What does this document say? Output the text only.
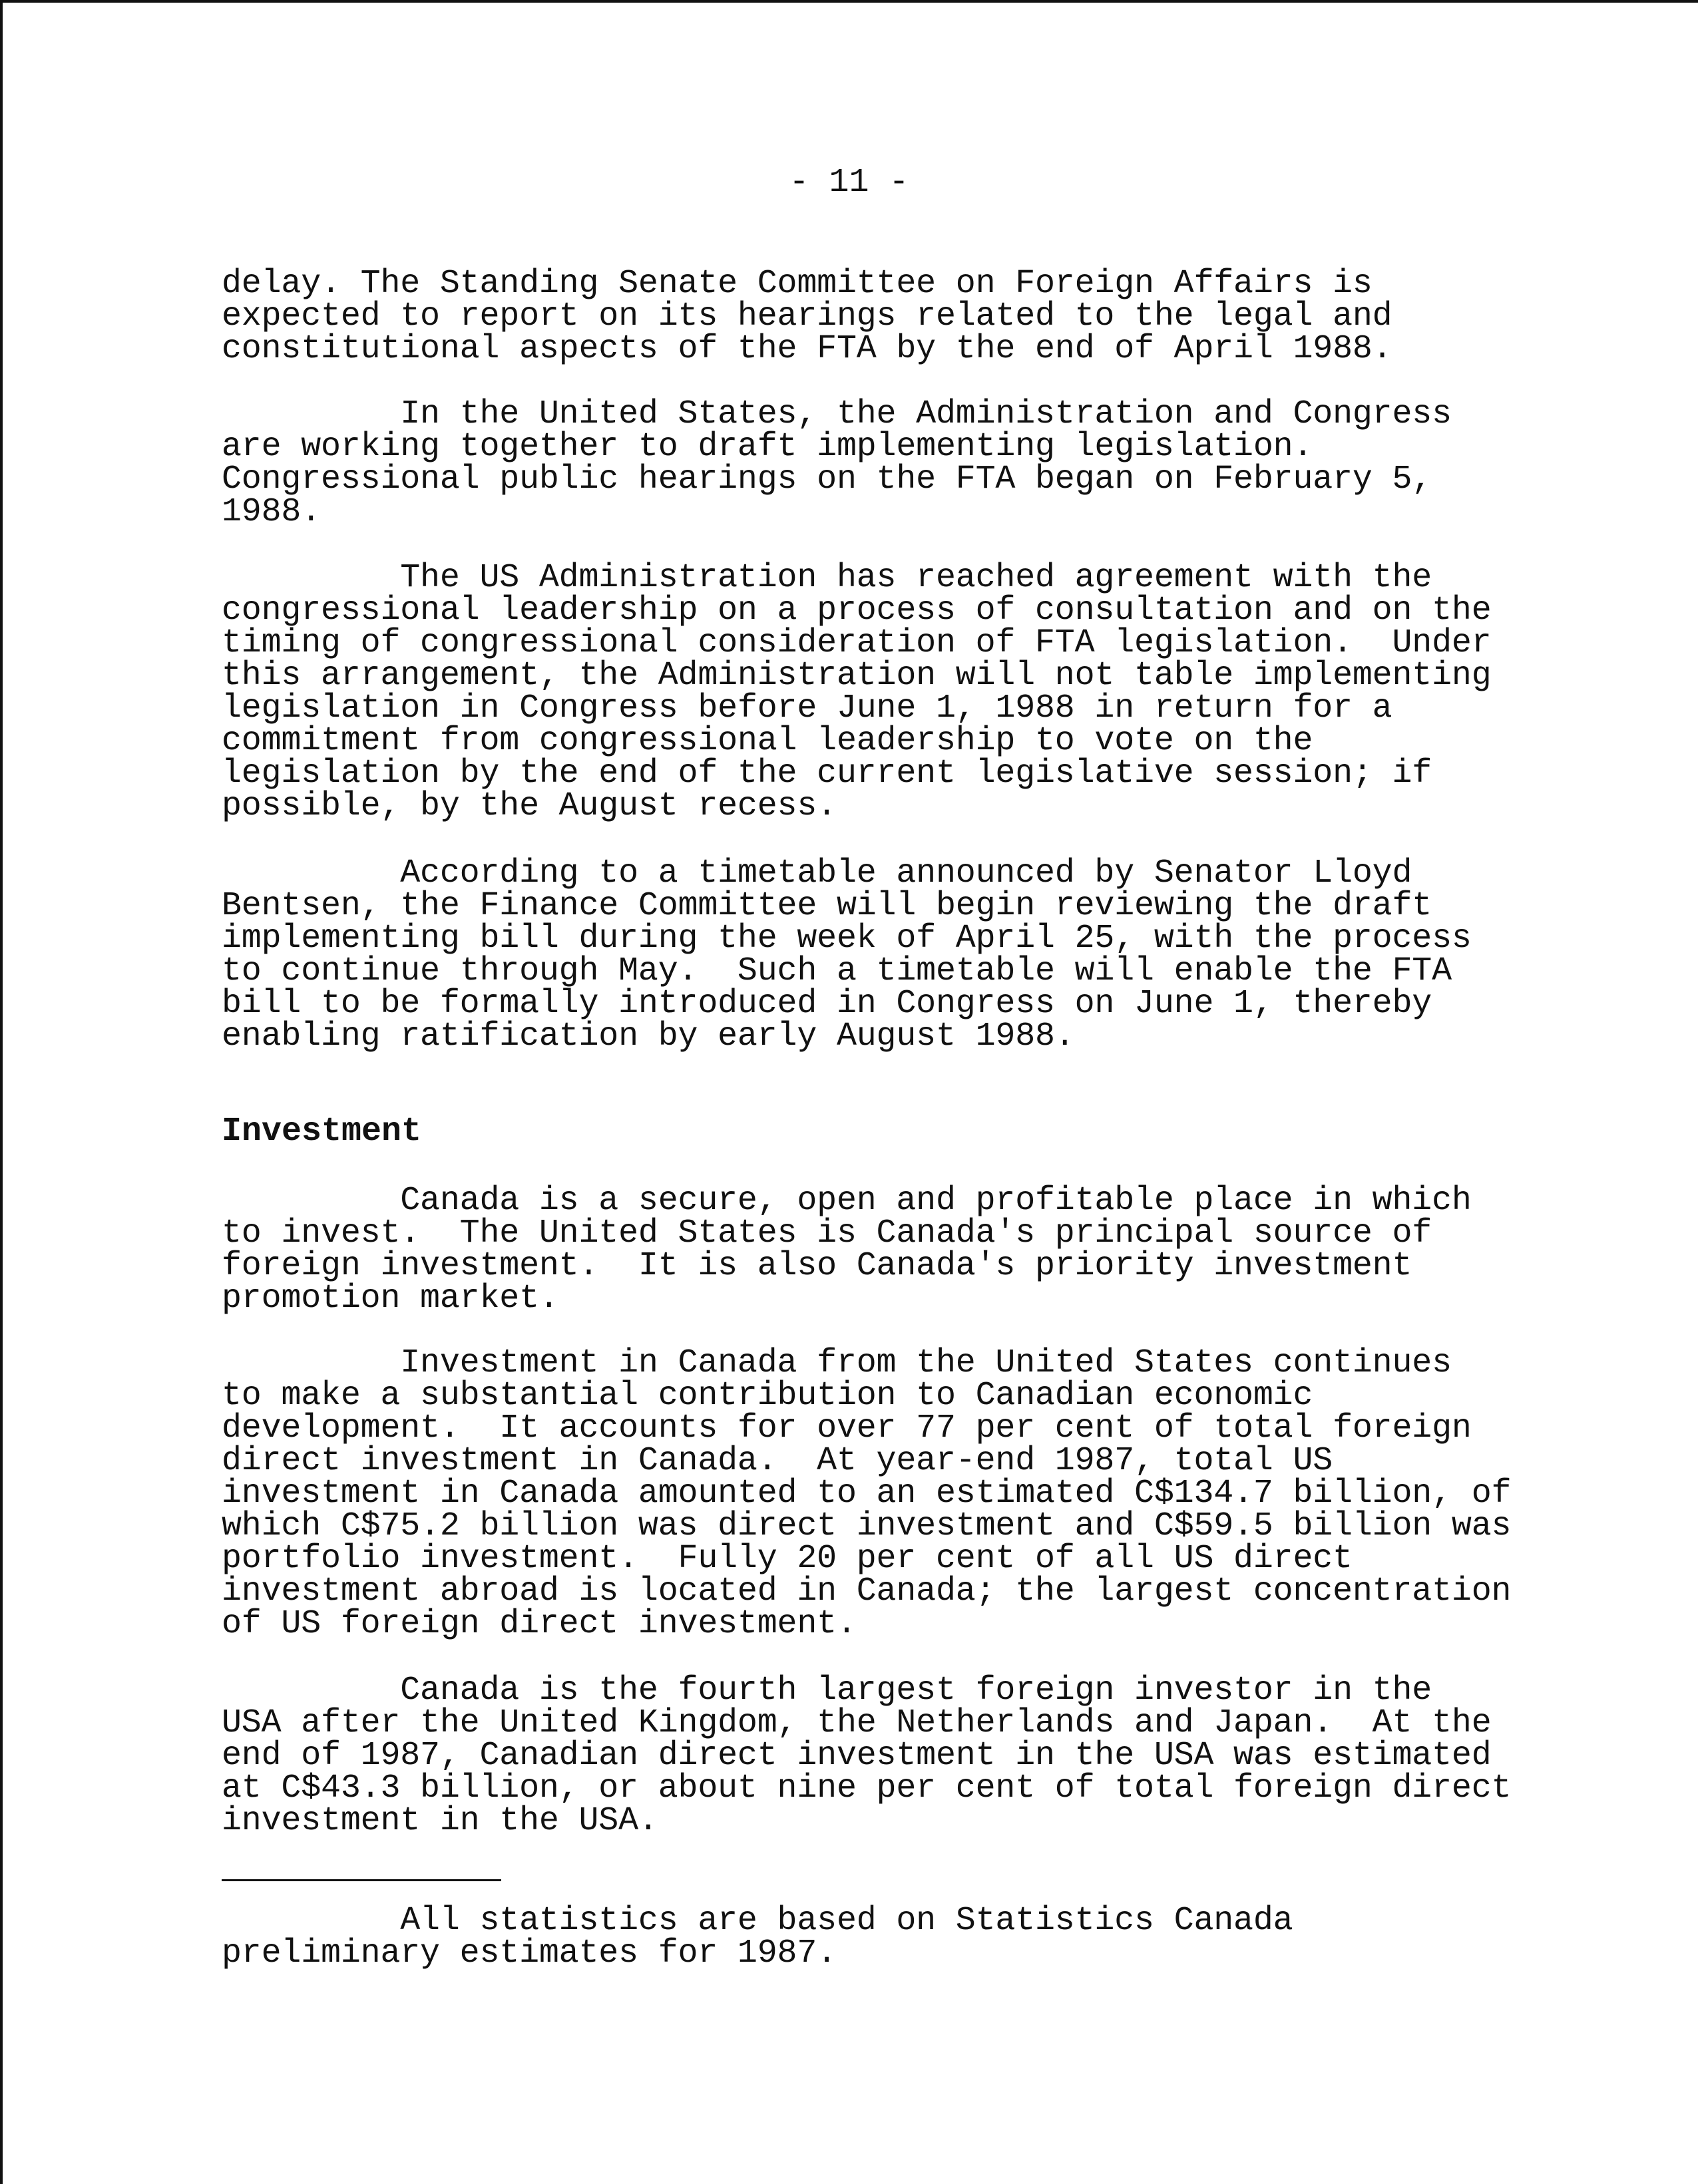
- 11 -
delay. The Standing Senate Committee on Foreign Affairs is
expected to report on its hearings related to the legal and
constitutional aspects of the FTA by the end of April 1988.
In the United States, the Administration and Congress
are working together to draft implementing legislation.
Congressional public hearings on the FTA began on February 5,
1988.
The US Administration has reached agreement with the
congressional leadership on a process of consultation and on the
timing of congressional consideration of FTA legislation.  Under
this arrangement, the Administration will not table implementing
legislation in Congress before June 1, 1988 in return for a
commitment from congressional leadership to vote on the
legislation by the end of the current legislative session; if
possible, by the August recess.
According to a timetable announced by Senator Lloyd
Bentsen, the Finance Committee will begin reviewing the draft
implementing bill during the week of April 25, with the process
to continue through May.  Such a timetable will enable the FTA
bill to be formally introduced in Congress on June 1, thereby
enabling ratification by early August 1988.
Investment
Canada is a secure, open and profitable place in which
to invest.  The United States is Canada's principal source of
foreign investment.  It is also Canada's priority investment
promotion market.
Investment in Canada from the United States continues
to make a substantial contribution to Canadian economic
development.  It accounts for over 77 per cent of total foreign
direct investment in Canada.  At year-end 1987, total US
investment in Canada amounted to an estimated C$134.7 billion, of
which C$75.2 billion was direct investment and C$59.5 billion was
portfolio investment.  Fully 20 per cent of all US direct
investment abroad is located in Canada; the largest concentration
of US foreign direct investment.
Canada is the fourth largest foreign investor in the
USA after the United Kingdom, the Netherlands and Japan.  At the
end of 1987, Canadian direct investment in the USA was estimated
at C$43.3 billion, or about nine per cent of total foreign direct
investment in the USA.
All statistics are based on Statistics Canada
preliminary estimates for 1987.
